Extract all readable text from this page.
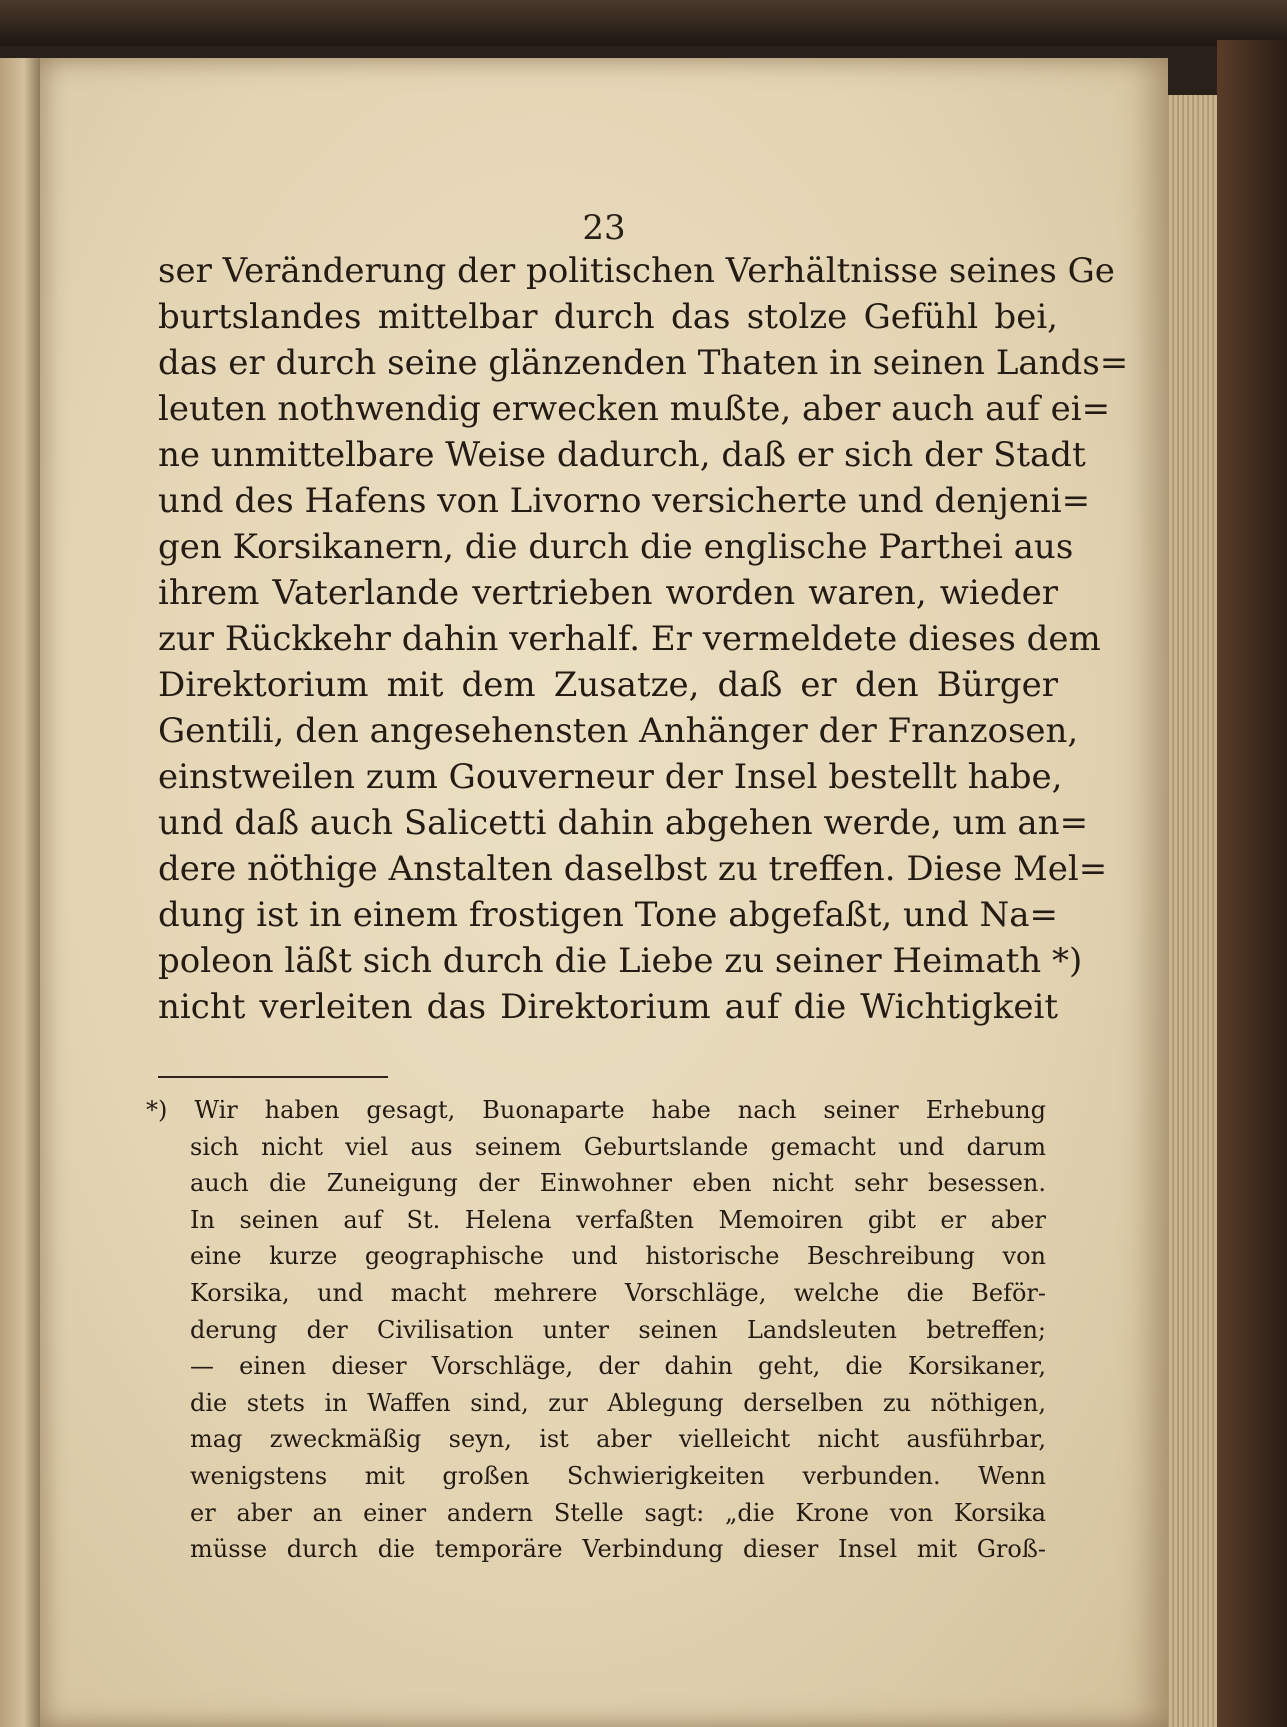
23
ser Veränderung der politischen Verhältnisse seines Ge
burtslandes mittelbar durch das stolze Gefühl bei,
das er durch seine glänzenden Thaten in seinen Lands=
leuten nothwendig erwecken mußte, aber auch auf ei=
ne unmittelbare Weise dadurch, daß er sich der Stadt
und des Hafens von Livorno versicherte und denjeni=
gen Korsikanern, die durch die englische Parthei aus
ihrem Vaterlande vertrieben worden waren, wieder
zur Rückkehr dahin verhalf. Er vermeldete dieses dem
Direktorium mit dem Zusatze, daß er den Bürger
Gentili, den angesehensten Anhänger der Franzosen,
einstweilen zum Gouverneur der Insel bestellt habe,
und daß auch Salicetti dahin abgehen werde, um an=
dere nöthige Anstalten daselbst zu treffen. Diese Mel=
dung ist in einem frostigen Tone abgefaßt, und Na=
poleon läßt sich durch die Liebe zu seiner Heimath *)
nicht verleiten das Direktorium auf die Wichtigkeit
*) Wir haben gesagt, Buonaparte habe nach seiner Erhebung
sich nicht viel aus seinem Geburtslande gemacht und darum
auch die Zuneigung der Einwohner eben nicht sehr besessen.
In seinen auf St. Helena verfaßten Memoiren gibt er aber
eine kurze geographische und historische Beschreibung von
Korsika, und macht mehrere Vorschläge, welche die Beför-
derung der Civilisation unter seinen Landsleuten betreffen;
— einen dieser Vorschläge, der dahin geht, die Korsikaner,
die stets in Waffen sind, zur Ablegung derselben zu nöthigen,
mag zweckmäßig seyn, ist aber vielleicht nicht ausführbar,
wenigstens mit großen Schwierigkeiten verbunden. Wenn
er aber an einer andern Stelle sagt: „die Krone von Korsika
müsse durch die temporäre Verbindung dieser Insel mit Groß-
